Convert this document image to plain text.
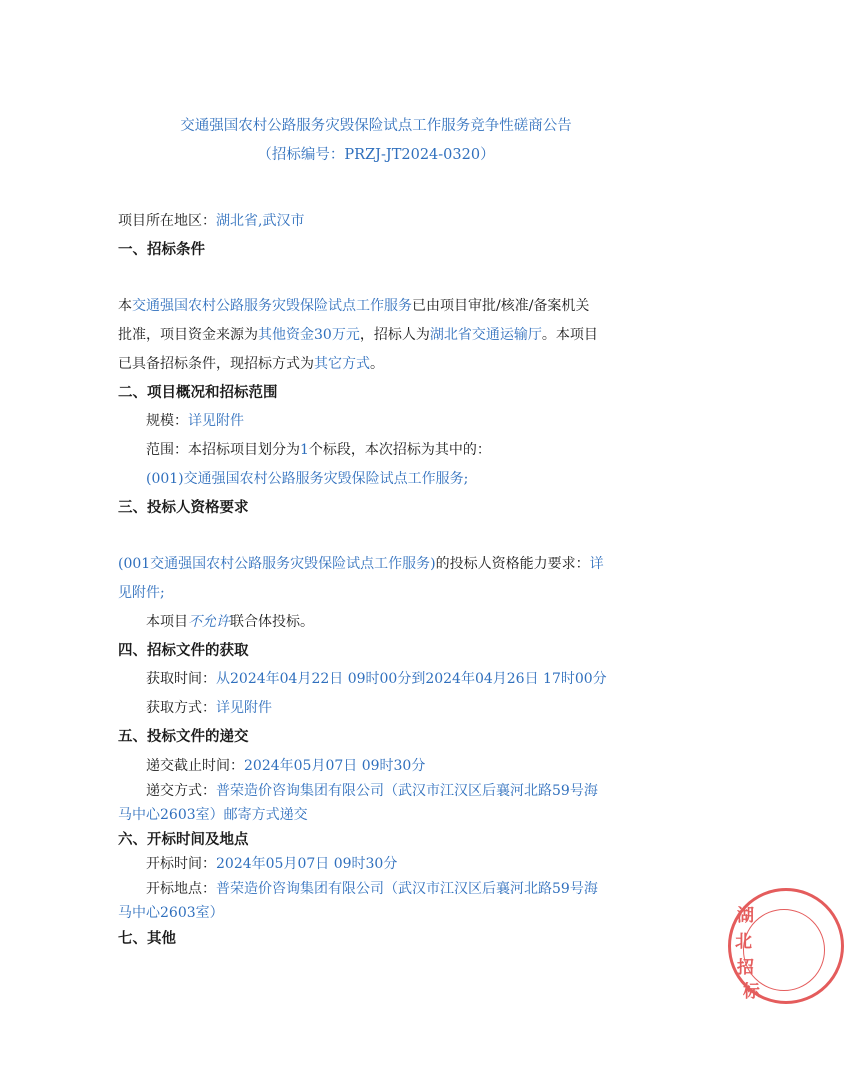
交通强国农村公路服务灾毁保险试点工作服务竞争性磋商公告
（招标编号：PRZJ-JT2024-0320）
项目所在地区：湖北省,武汉市
一、招标条件
本交通强国农村公路服务灾毁保险试点工作服务已由项目审批/核准/备案机关
批准，项目资金来源为其他资金30万元，招标人为湖北省交通运输厅。本项目
已具备招标条件，现招标方式为其它方式。
二、项目概况和招标范围
规模：详见附件
范围：本招标项目划分为1个标段，本次招标为其中的：
(001)交通强国农村公路服务灾毁保险试点工作服务;
三、投标人资格要求
(001交通强国农村公路服务灾毁保险试点工作服务)的投标人资格能力要求：详
见附件;
本项目不允许联合体投标。
四、招标文件的获取
获取时间：从2024年04月22日 09时00分到2024年04月26日 17时00分
获取方式：详见附件
五、投标文件的递交
递交截止时间：2024年05月07日 09时30分
递交方式：普荣造价咨询集团有限公司（武汉市江汉区后襄河北路59号海
马中心2603室）邮寄方式递交
六、开标时间及地点
开标时间：2024年05月07日 09时30分
开标地点：普荣造价咨询集团有限公司（武汉市江汉区后襄河北路59号海
马中心2603室）
七、其他
湖
北
招
标
